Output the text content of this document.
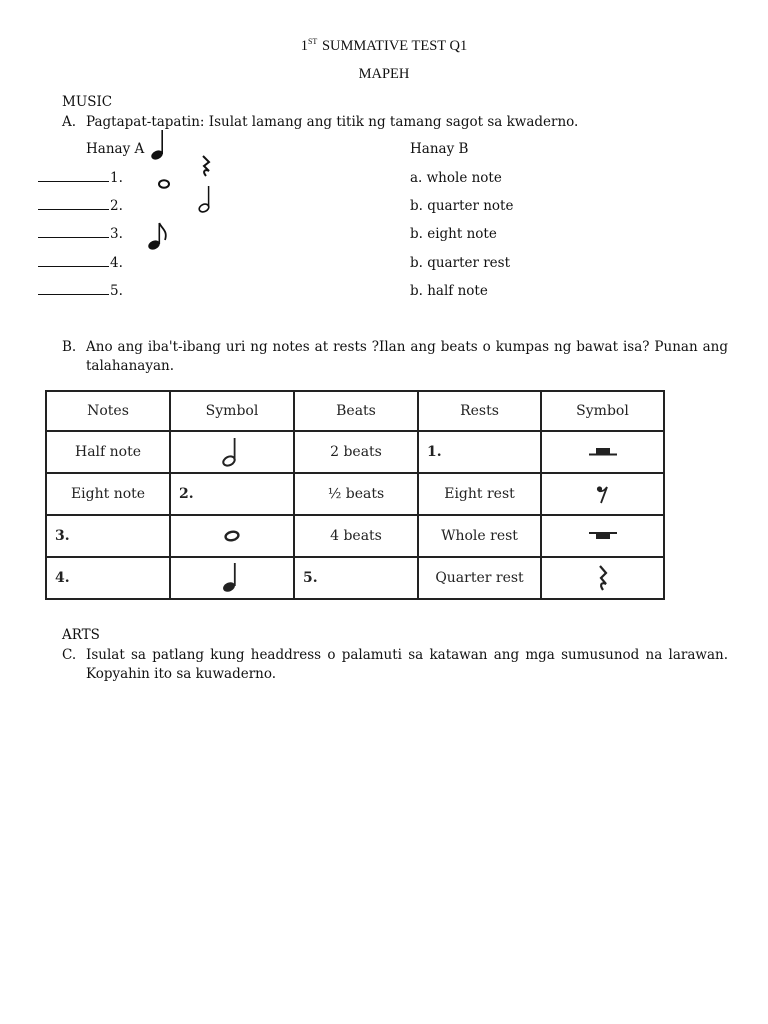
1ST SUMMATIVE TEST Q1
MAPEH
MUSIC
A. Pagtapat-tapatin: Isulat lamang ang titik ng tamang sagot sa kwaderno.
Hanay A	Hanay B
1.
2.
3.
4.
5.
a. whole note
b. quarter note
b. eight note
b. quarter rest
b. half note
B. Ano ang iba't-ibang uri ng notes at rests ?Ilan ang beats o kumpas ng bawat isa? Punan ang talahanayan.
Notes	Symbol	Beats	Rests	Symbol
Half note		2 beats	1.	

Eight note	2.	½ beats	Eight rest	

3.		4 beats	Whole rest	

4.		5.	Quarter rest	
ARTS
C. Isulat sa patlang kung headdress o palamuti sa katawan ang mga sumusunod na larawan. Kopyahin ito sa kuwaderno.
